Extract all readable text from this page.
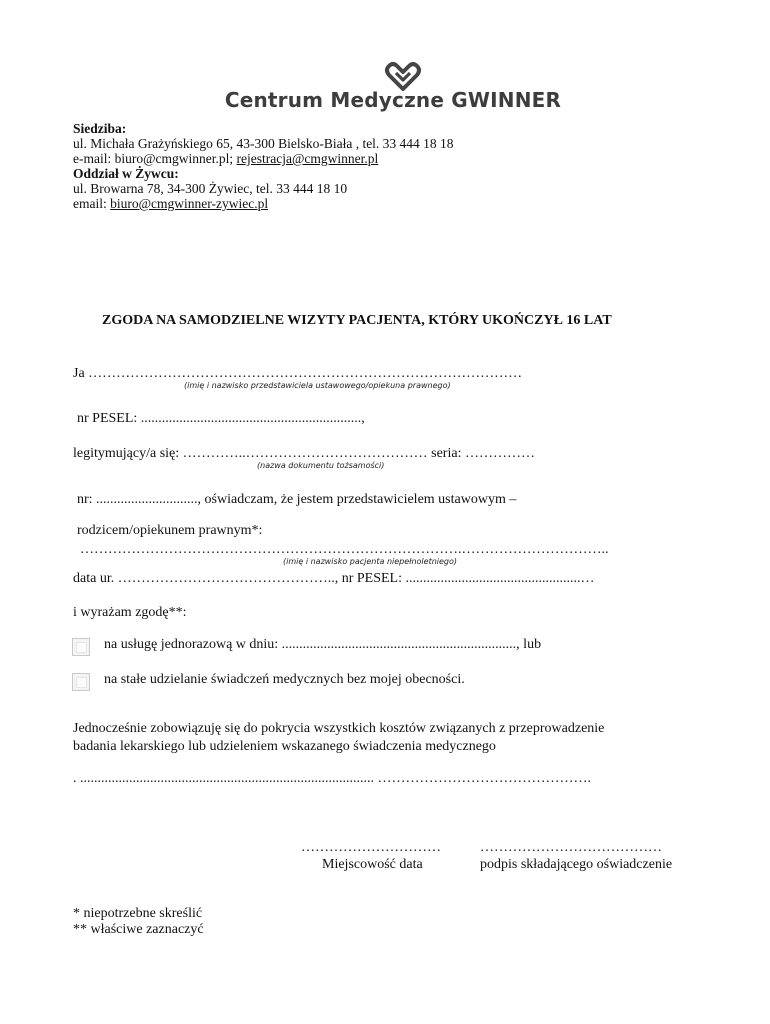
Centrum Medyczne GWINNER
Siedziba:
ul. Michała Grażyńskiego 65, 43-300 Bielsko-Biała , tel. 33 444 18 18
e-mail: biuro@cmgwinner.pl; rejestracja@cmgwinner.pl
Oddział w Żywcu:
ul. Browarna 78, 34-300 Żywiec, tel. 33 444 18 10
email: biuro@cmgwinner-zywiec.pl
ZGODA NA SAMODZIELNE WIZYTY PACJENTA, KTÓRY UKOŃCZYŁ 16 LAT
Ja …………………………………………………………………………………
(imię i nazwisko przedstawiciela ustawowego/opiekuna prawnego)
nr PESEL: ...............................................................,
legitymujący/a się: …………..………………………………… seria: ……………
(nazwa dokumentu tożsamości)
nr: ............................., oświadczam, że jestem przedstawicielem ustawowym –
rodzicem/opiekunem prawnym*:
……………………………………………………………………….…………………………..
(imię i nazwisko pacjenta niepełnoletniego)
data ur. ……………………………………….., nr PESEL: ..................................................…
i wyrażam zgodę**:
na usługę jednorazową w dniu: ..................................................................., lub
na stałe udzielanie świadczeń medycznych bez mojej obecności.
Jednocześnie zobowiązuję się do pokrycia wszystkich kosztów związanych z przeprowadzenie
badania lekarskiego lub udzieleniem wskazanego świadczenia medycznego
. .................................................................................... ……………………………………….
…………………………
Miejscowość data
…………………………………
podpis składającego oświadczenie
* niepotrzebne skreślić
** właściwe zaznaczyć
